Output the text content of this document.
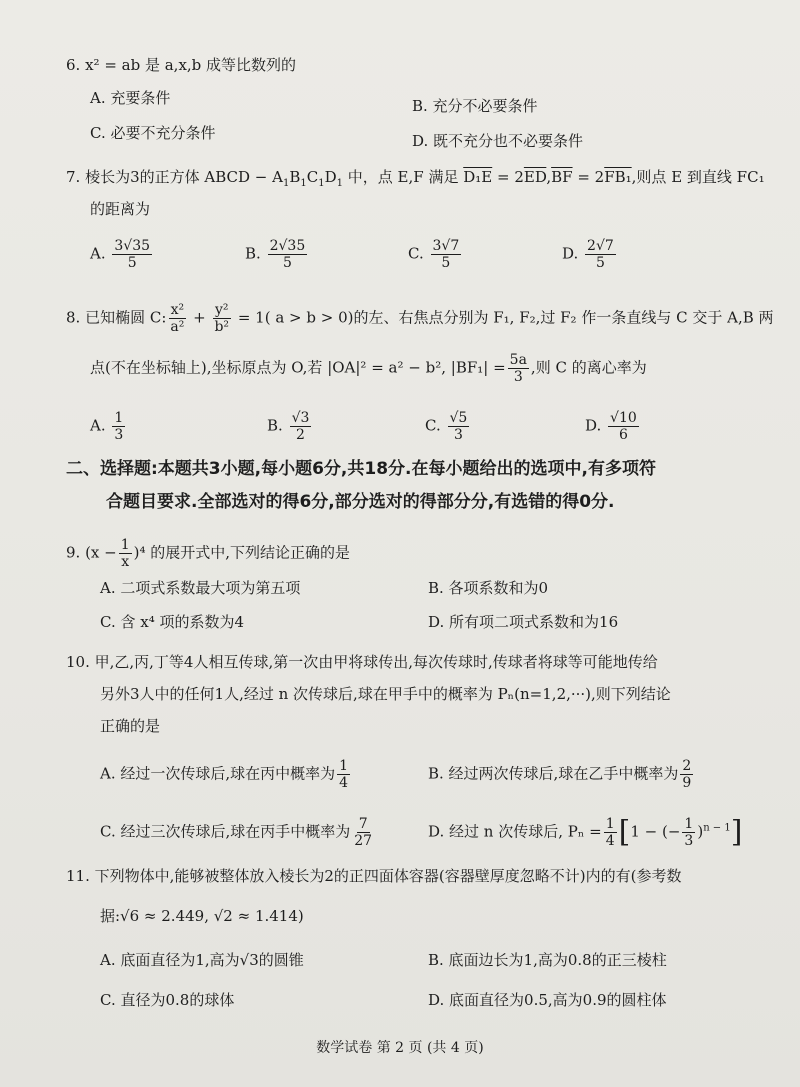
6. x² = ab 是 a,x,b 成等比数列的
A. 充要条件	B. 充分不必要条件
C. 必要不充分条件	D. 既不充分也不必要条件
7. 棱长为3的正方体 ABCD − $A_1B_1C_1D_1$ 中，点 E,F 满足 $D_1E = 2\overline{ED},\overline{BF} = 2FB_1$,则点 E 到直线 FC₁
的距离为
A. $\frac{3√35}{5}$	B. $\frac{2√35}{5}$	C. $\frac{3√7}{5}$	D. $\frac{2√7}{5}$
8. 已知椭圆 C: $\frac{\text{x²}}{\text{a²}} + \frac{\text{y²}}{\text{b²}} = 1$( a > b > 0)的左、右焦点分别为 F₁, F₂,过 F₂ 作一条直线与 C 交于 A,B 两
点(不在坐标轴上),坐标原点为 O,若 |OA|² = a² − b², $|BF_1| = \frac{5a}{3}$ ,则 C 的离心率为
A. $\frac{1}{3}$	B. $\frac{√3}{2}$	C. $\frac{√5}{3}$	D. $\frac{√10}{6}$
二、选择题:本题共3小题,每小题6分,共18分.在每小题给出的选项中,有多项符
合题目要求.全部选对的得6分,部分选对的得部分分,有选错的得0分.
9. $(x - \frac{1}{x} )^4$ 的展开式中,下列结论正确的是
A. 二项式系数最大项为第五项	B. 各项系数和为0
C. 含 x⁴ 项的系数为4	D. 所有项二项式系数和为16
10. 甲,乙,丙,丁等4人相互传球,第一次由甲将球传出,每次传球时,传球者将球等可能地传给
另外3人中的任何1人,经过 n 次传球后,球在甲手中的概率为 Pₙ(n=1,2,···),则下列结论
正确的是
A. 经过一次传球后,球在丙中概率为 $\frac{1}{4}$	B. 经过两次传球后,球在乙手中概率为 $\frac{2}{9}$
C. 经过三次传球后,球在丙手中概率为 $\frac{7}{27}$	D. 经过 n 次传球后, $P_n = \frac{1}{4} [1$ − (− $\frac{1}{3} )^{n - 1}$]
11. 下列物体中,能够被整体放入棱长为2的正四面体容器(容器壁厚度忽略不计)内的有(参考数
据:√6 ≈ 2.449, √2 ≈ 1.414)
A. 底面直径为1,高为√3的圆锥	B. 底面边长为1,高为0.8的正三棱柱
C. 直径为0.8的球体	D. 底面直径为0.5,高为0.9的圆柱体
数学试卷 第 2 页 (共 4 页)
